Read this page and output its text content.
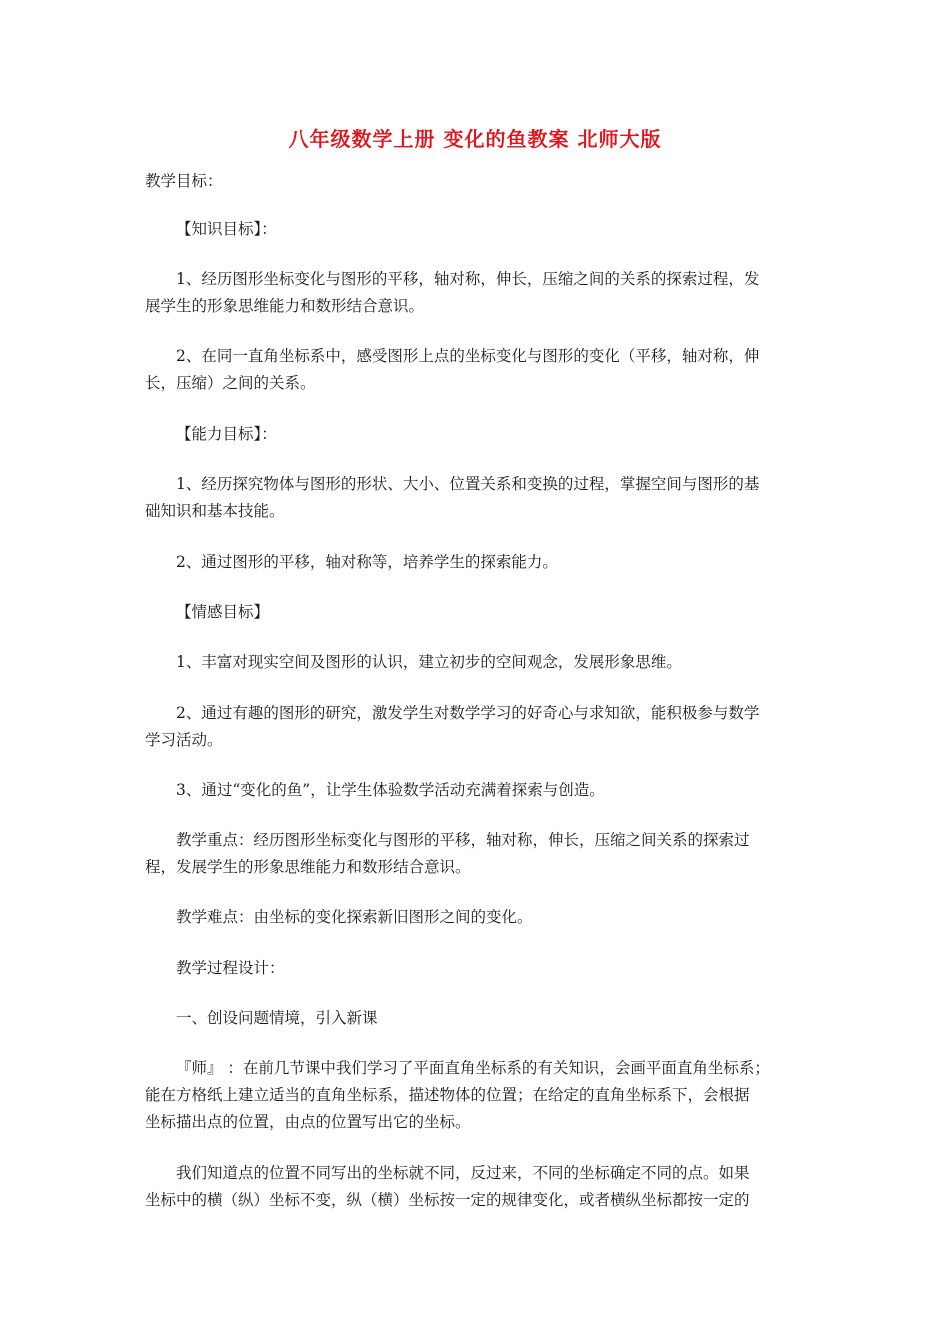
八年级数学上册 变化的鱼教案 北师大版
教学目标：
【知识目标】：
1、经历图形坐标变化与图形的平移，轴对称，伸长，压缩之间的关系的探索过程，发
展学生的形象思维能力和数形结合意识。
2、在同一直角坐标系中，感受图形上点的坐标变化与图形的变化（平移，轴对称，伸
长，压缩）之间的关系。
【能力目标】：
1、经历探究物体与图形的形状、大小、位置关系和变换的过程，掌握空间与图形的基
础知识和基本技能。
2、通过图形的平移，轴对称等，培养学生的探索能力。
【情感目标】
1、丰富对现实空间及图形的认识，建立初步的空间观念，发展形象思维。
2、通过有趣的图形的研究，激发学生对数学学习的好奇心与求知欲，能积极参与数学
学习活动。
3、通过“变化的鱼”，让学生体验数学活动充满着探索与创造。
教学重点：经历图形坐标变化与图形的平移，轴对称，伸长，压缩之间关系的探索过
程，发展学生的形象思维能力和数形结合意识。
教学难点：由坐标的变化探索新旧图形之间的变化。
教学过程设计：
一、创设问题情境，引入新课
『师』 ：在前几节课中我们学习了平面直角坐标系的有关知识，会画平面直角坐标系；
能在方格纸上建立适当的直角坐标系，描述物体的位置；在给定的直角坐标系下，会根据
坐标描出点的位置，由点的位置写出它的坐标。
我们知道点的位置不同写出的坐标就不同，反过来，不同的坐标确定不同的点。如果
坐标中的横（纵）坐标不变，纵（横）坐标按一定的规律变化，或者横纵坐标都按一定的
